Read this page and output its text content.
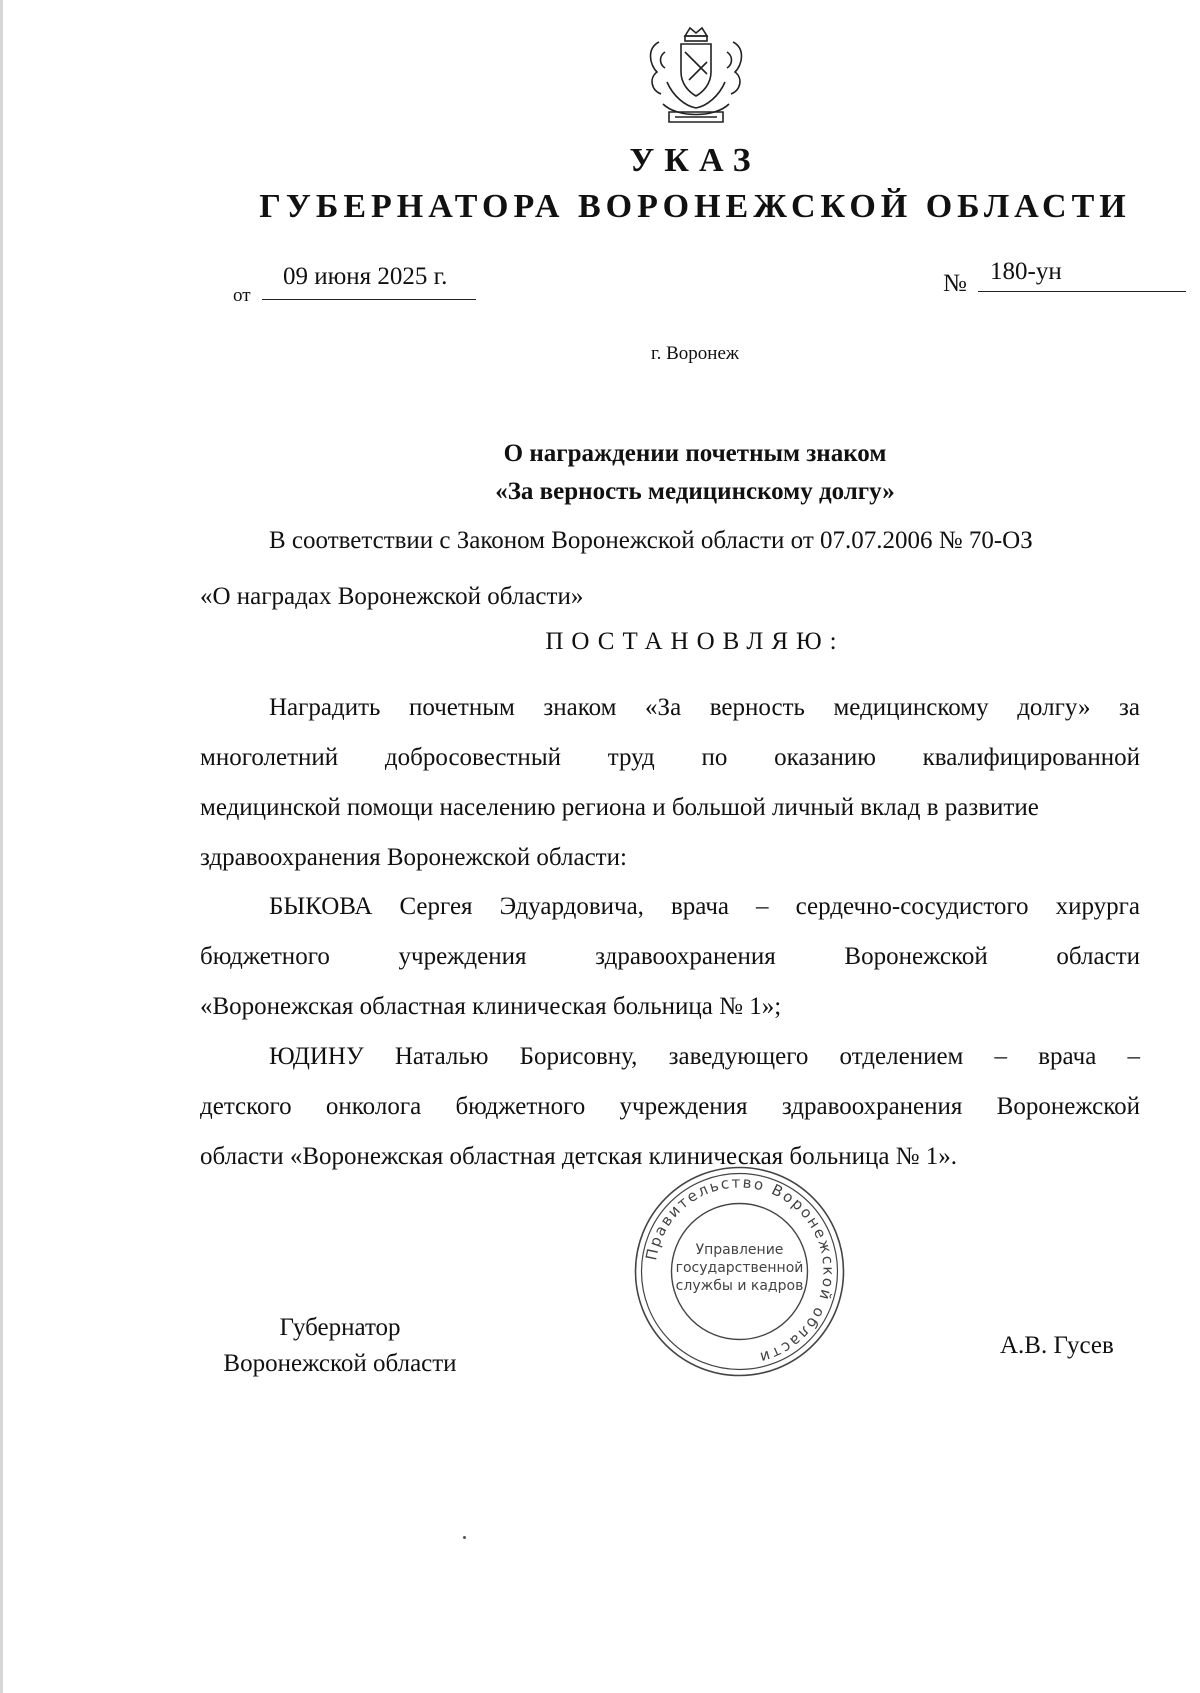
УКАЗ

ГУБЕРНАТОРА ВОРОНЕЖСКОЙ ОБЛАСТИ

от
09 июня 2025 г.	№ 180-ун

г. Воронеж

О награждении почетным знаком
«За верность медицинскому долгу»

В соответствии с Законом Воронежской области от 07.07.2006 № 70-ОЗ

«О наградах Воронежской области»

ПОСТАНОВЛЯЮ:

Наградить почетным знаком «За верность медицинскому долгу» за

многолетний добросовестный труд по оказанию квалифицированной

медицинской помощи населению региона и большой личный вклад в развитие

здравоохранения Воронежской области:

БЫКОВА Сергея Эдуардовича, врача – сердечно-сосудистого хирурга

бюджетного учреждения здравоохранения Воронежской области

«Воронежская областная клиническая больница № 1»;

ЮДИНУ Наталью Борисовну, заведующего отделением – врача –

детского онколога бюджетного учреждения здравоохранения Воронежской

области «Воронежская областная детская клиническая больница № 1».

Губернатор
Воронежской области

А.В. Гусев

Правительство Воронежской области
Управление
государственной
службы и кадров
